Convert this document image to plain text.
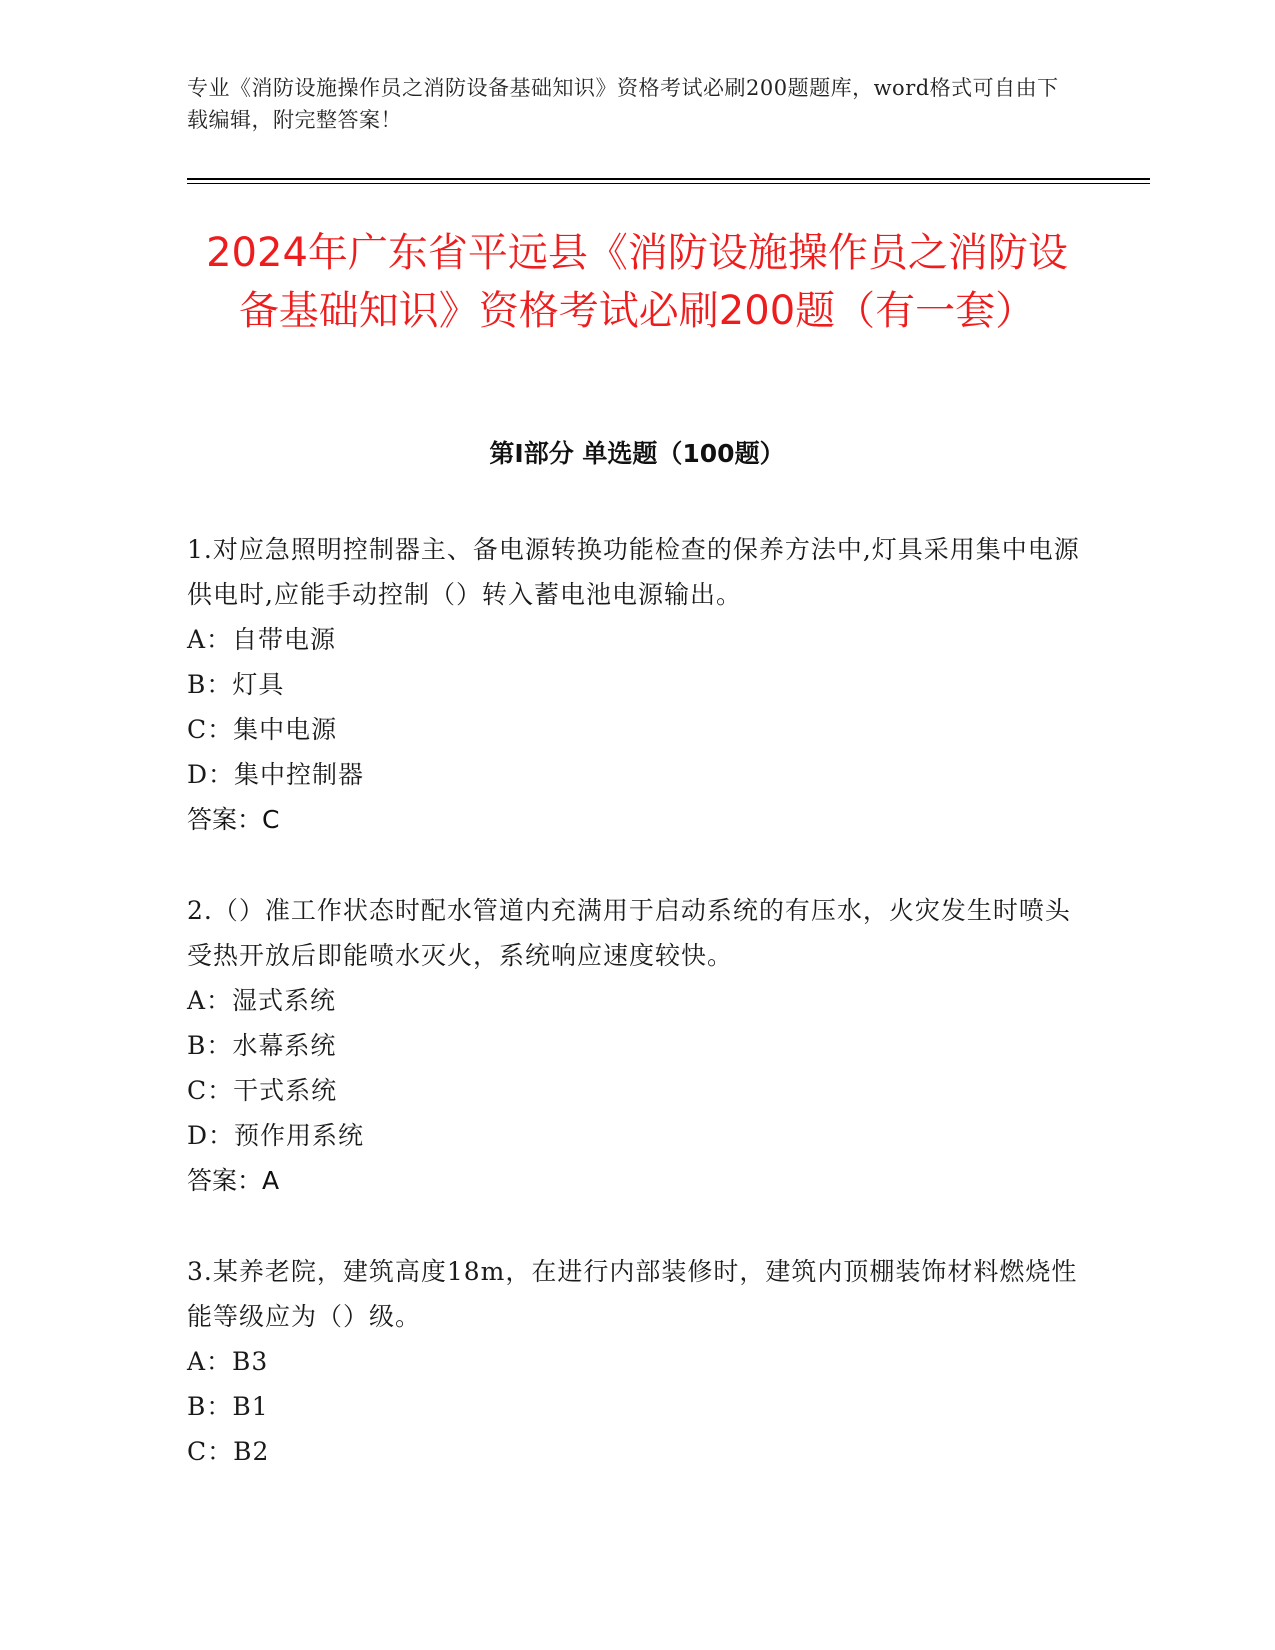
专业《消防设施操作员之消防设备基础知识》资格考试必刷200题题库，word格式可自由下载编辑，附完整答案！
2024年广东省平远县《消防设施操作员之消防设备基础知识》资格考试必刷200题（有一套）
第I部分 单选题（100题）

1.对应急照明控制器主、备电源转换功能检查的保养方法中,灯具采用集中电源供电时,应能手动控制（）转入蓄电池电源输出。

A：自带电源

B：灯具

C：集中电源

D：集中控制器

答案：C

2.（）准工作状态时配水管道内充满用于启动系统的有压水，火灾发生时喷头受热开放后即能喷水灭火，系统响应速度较快。

A：湿式系统

B：水幕系统

C：干式系统

D：预作用系统

答案：A

3.某养老院，建筑高度18m，在进行内部装修时，建筑内顶棚装饰材料燃烧性能等级应为（）级。

A：B3

B：B1

C：B2
